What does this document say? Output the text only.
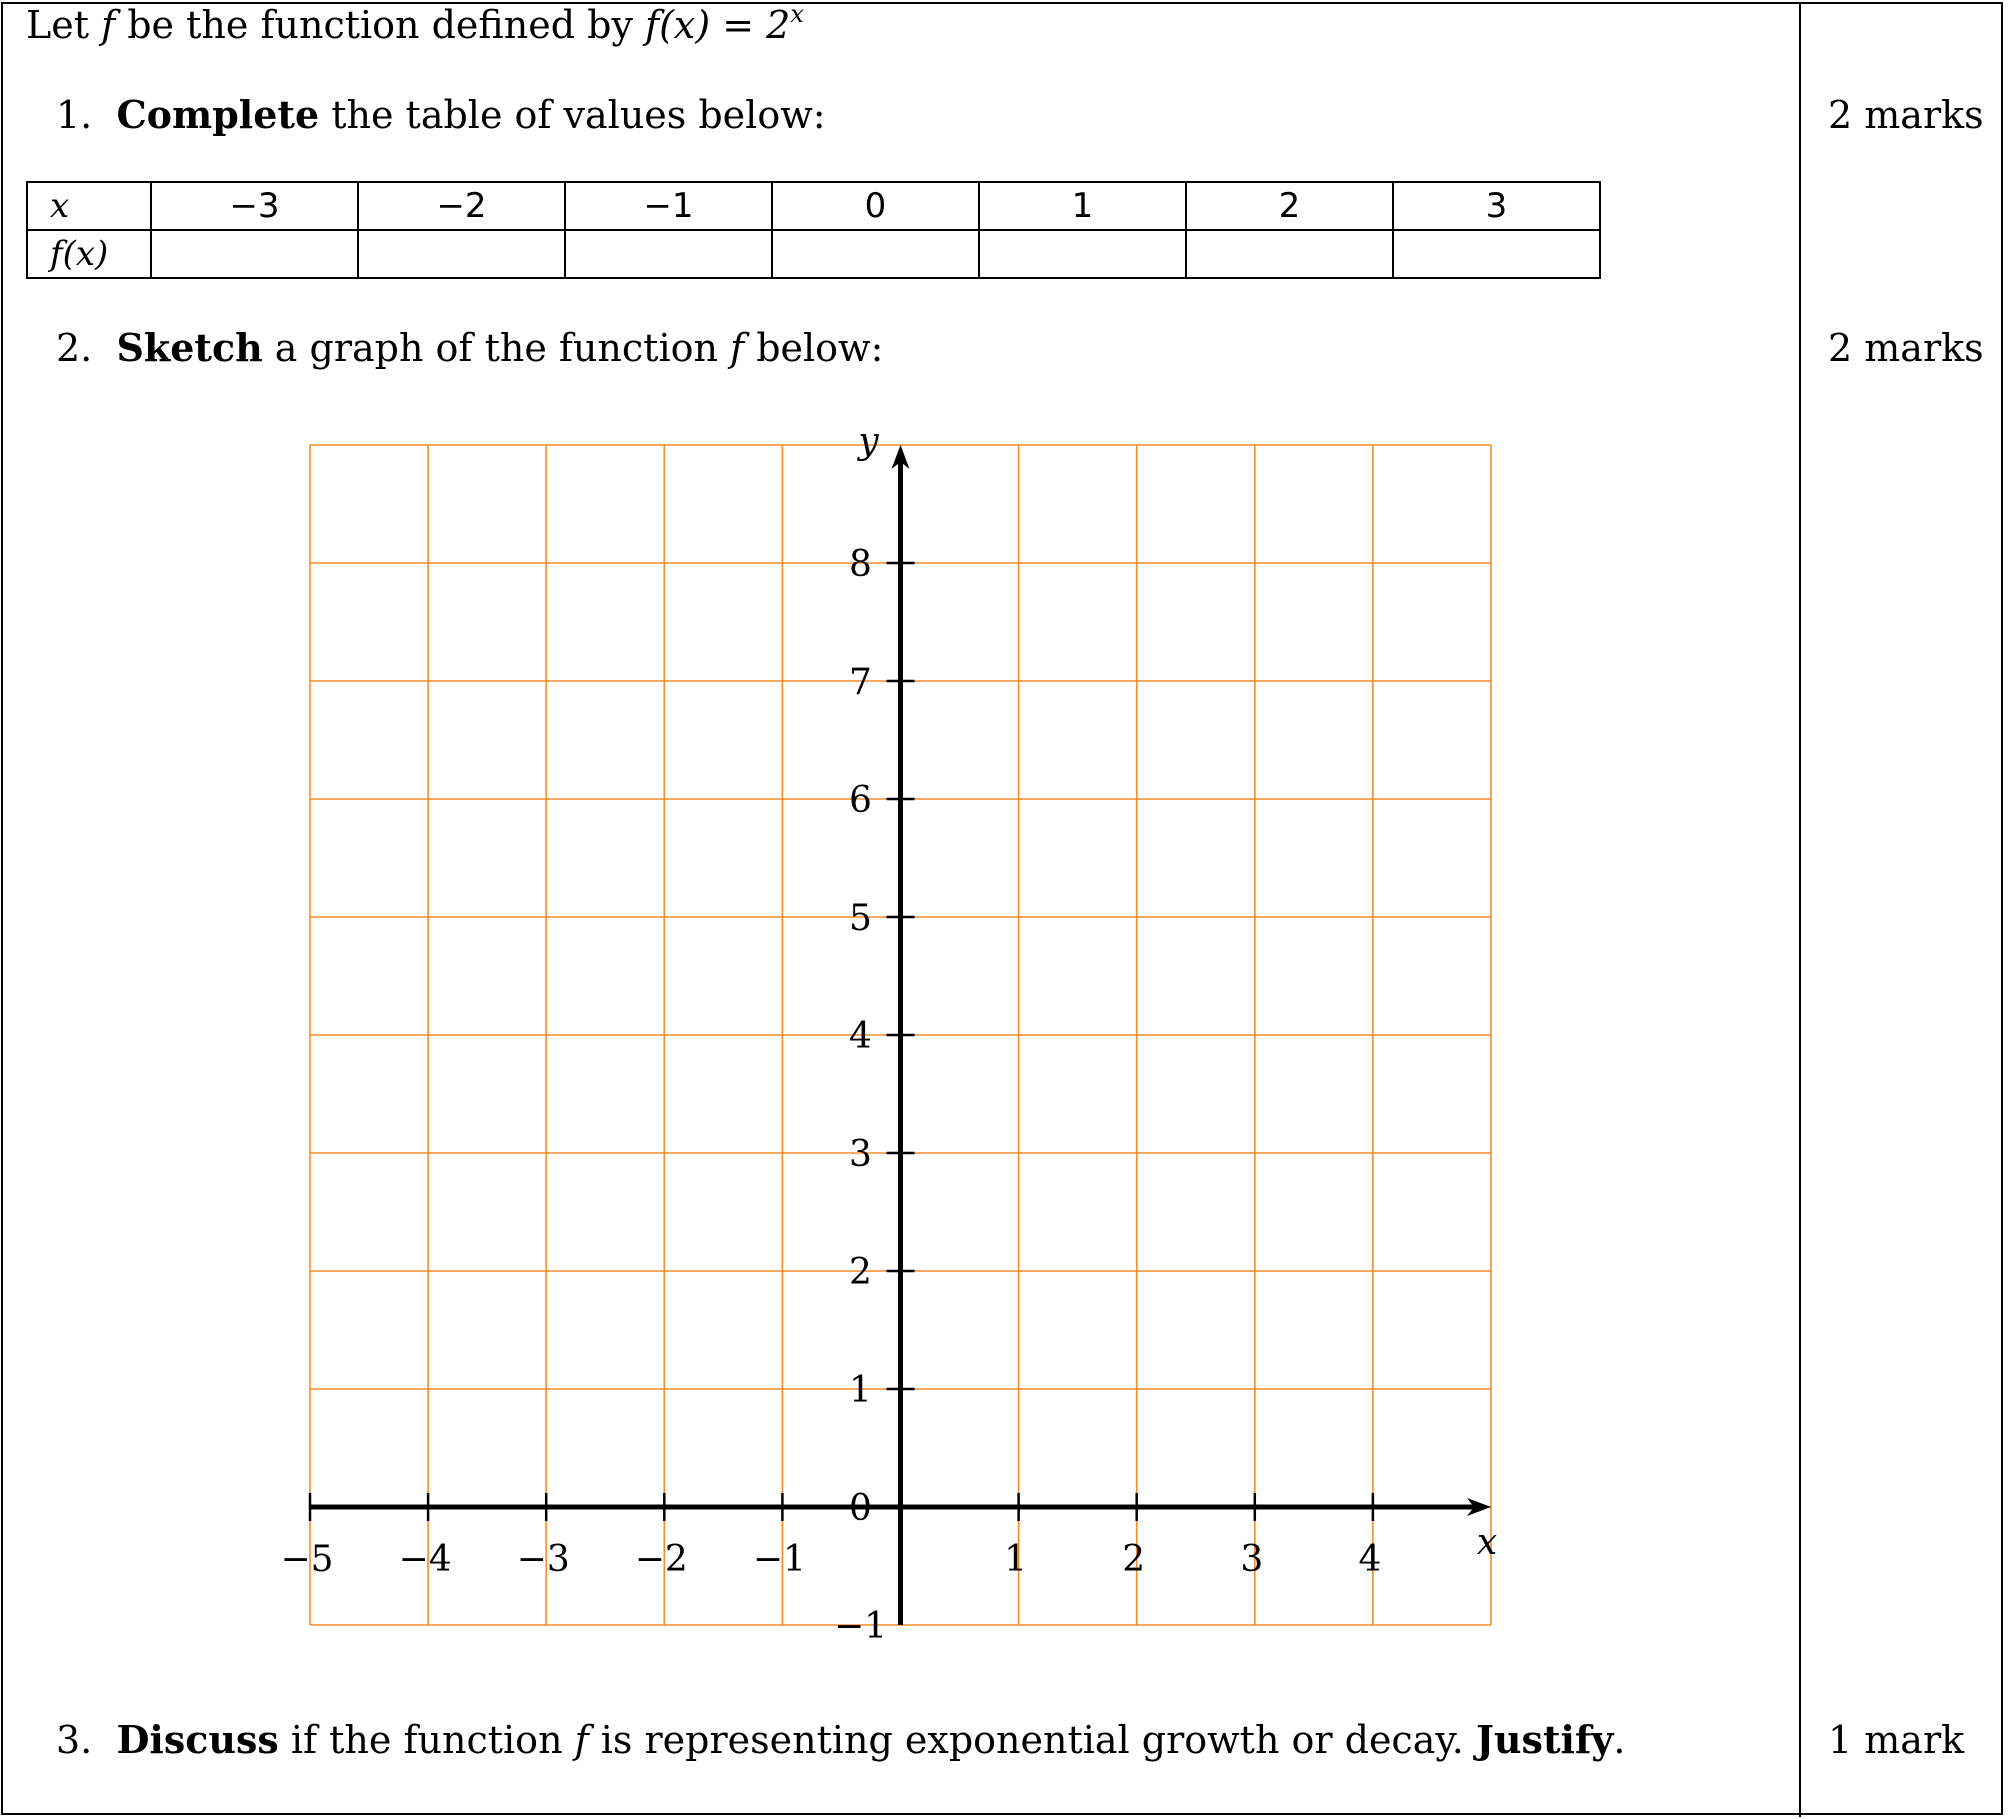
Let f be the function defined by $f(x) = 2^x$
1. Complete the table of values below:	2 marks
x	−3	−2	−1	0	1	2	3
f(x)							
2. Sketch a graph of the function f below:	2 marks
x
y
−5 −4 −3 −2 −1	1	2	3	4
−1
0
1
2
3
4
5
6
7
8
3. Discuss if the function f is representing exponential growth or decay. Justify.	1 mark
